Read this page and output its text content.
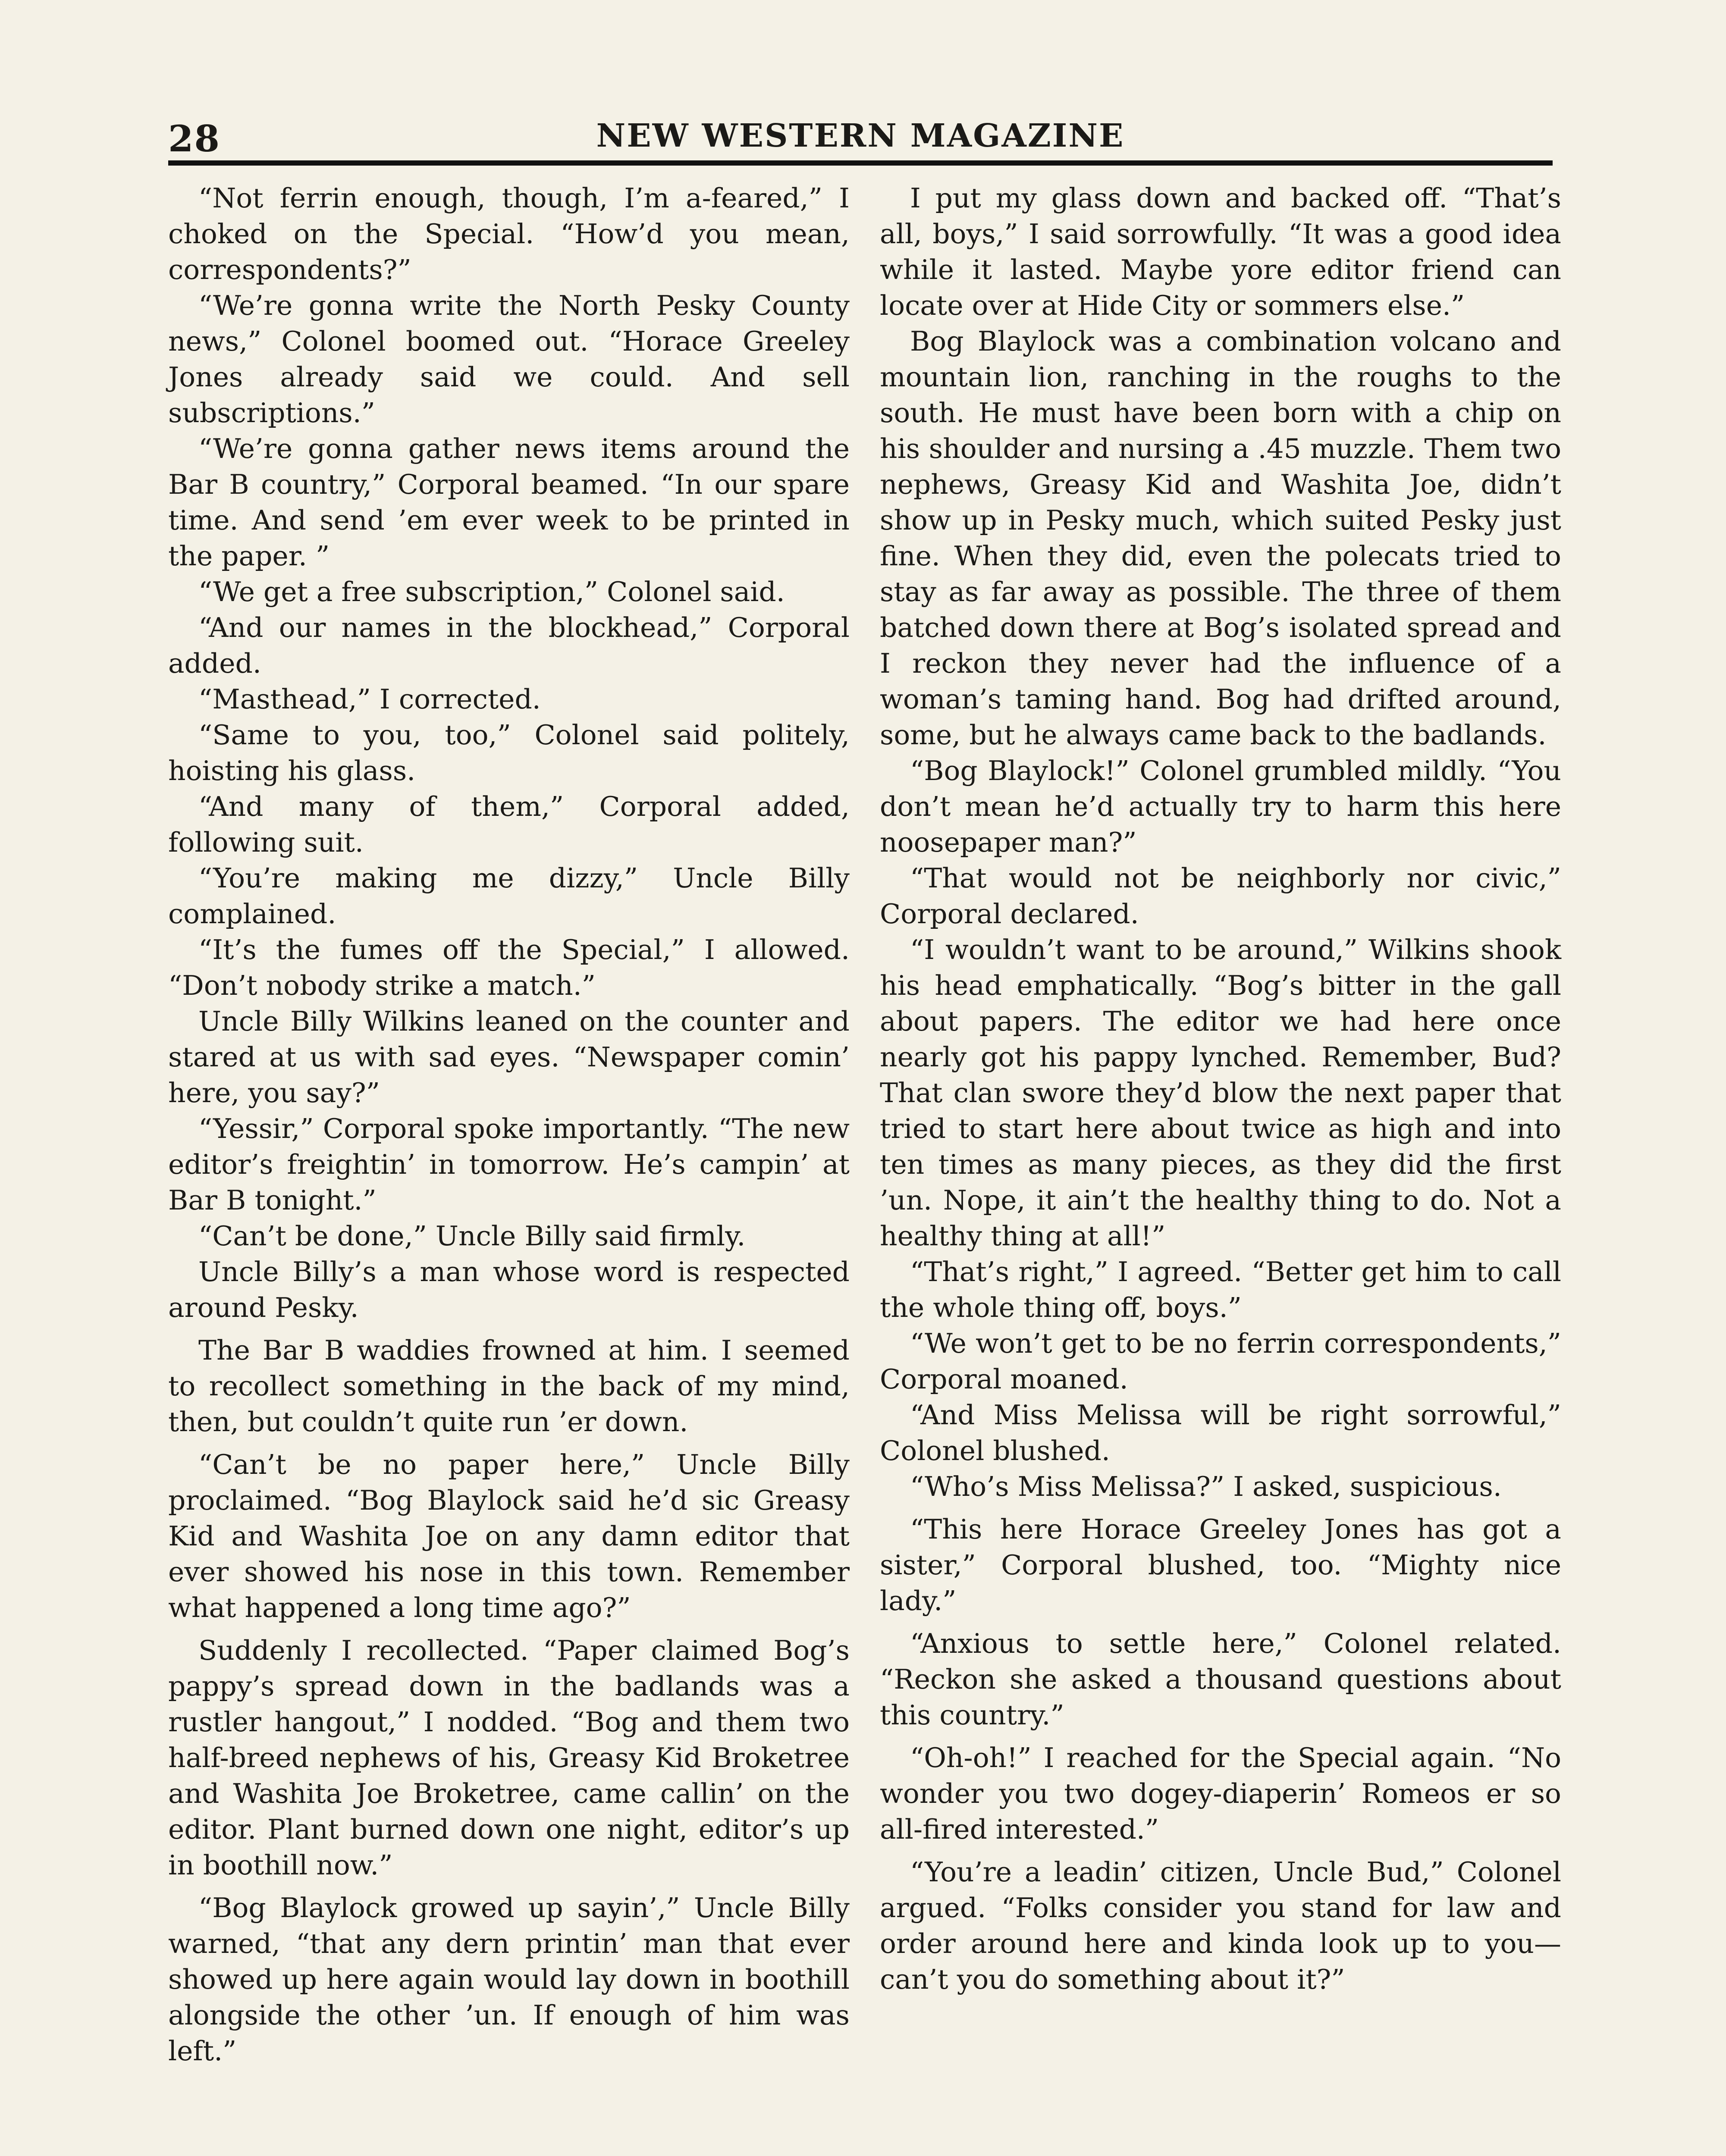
28	NEW WESTERN MAGAZINE

“Not ferrin enough, though, I’m a-feared,” I choked on the Special. “How’d you mean, correspondents?”

“We’re gonna write the North Pesky County news,” Colonel boomed out. “Horace Greeley Jones already said we could. And sell subscriptions.”

“We’re gonna gather news items around the Bar B country,” Corporal beamed. “In our spare time. And send ’em ever week to be printed in the paper. ”

“We get a free subscription,” Colonel said.

“And our names in the blockhead,” Corporal added.

“Masthead,” I corrected.

“Same to you, too,” Colonel said politely, hoisting his glass.

“And many of them,” Corporal added, following suit.

“You’re making me dizzy,” Uncle Billy complained.

“It’s the fumes off the Special,” I allowed. “Don’t nobody strike a match.”

Uncle Billy Wilkins leaned on the counter and stared at us with sad eyes. “Newspaper comin’ here, you say?”

“Yessir,” Corporal spoke importantly. “The new editor’s freightin’ in tomorrow. He’s campin’ at Bar B tonight.”

“Can’t be done,” Uncle Billy said firmly.

Uncle Billy’s a man whose word is respected around Pesky.

The Bar B waddies frowned at him. I seemed to recollect something in the back of my mind, then, but couldn’t quite run ’er down.

“Can’t be no paper here,” Uncle Billy proclaimed. “Bog Blaylock said he’d sic Greasy Kid and Washita Joe on any damn editor that ever showed his nose in this town. Remember what happened a long time ago?”

Suddenly I recollected. “Paper claimed Bog’s pappy’s spread down in the badlands was a rustler hangout,” I nodded. “Bog and them two half-breed nephews of his, Greasy Kid Broketree and Washita Joe Broketree, came callin’ on the editor. Plant burned down one night, editor’s up in boothill now.”

“Bog Blaylock growed up sayin’,” Uncle Billy warned, “that any dern printin’ man that ever showed up here again would lay down in boothill alongside the other ’un. If enough of him was left.”

I put my glass down and backed off. “That’s all, boys,” I said sorrowfully. “It was a good idea while it lasted. Maybe yore editor friend can locate over at Hide City or sommers else.”

Bog Blaylock was a combination volcano and mountain lion, ranching in the roughs to the south. He must have been born with a chip on his shoulder and nursing a .45 muzzle. Them two nephews, Greasy Kid and Washita Joe, didn’t show up in Pesky much, which suited Pesky just fine. When they did, even the polecats tried to stay as far away as possible. The three of them batched down there at Bog’s isolated spread and I reckon they never had the influence of a woman’s taming hand. Bog had drifted around, some, but he always came back to the badlands.

“Bog Blaylock!” Colonel grumbled mildly. “You don’t mean he’d actually try to harm this here noosepaper man?”

“That would not be neighborly nor civic,” Corporal declared.

“I wouldn’t want to be around,” Wilkins shook his head emphatically. “Bog’s bitter in the gall about papers. The editor we had here once nearly got his pappy lynched. Remember, Bud? That clan swore they’d blow the next paper that tried to start here about twice as high and into ten times as many pieces, as they did the first ’un. Nope, it ain’t the healthy thing to do. Not a healthy thing at all!”

“That’s right,” I agreed. “Better get him to call the whole thing off, boys.”

“We won’t get to be no ferrin correspondents,” Corporal moaned.

“And Miss Melissa will be right sorrowful,” Colonel blushed.

“Who’s Miss Melissa?” I asked, suspicious.

“This here Horace Greeley Jones has got a sister,” Corporal blushed, too. “Mighty nice lady.”

“Anxious to settle here,” Colonel related. “Reckon she asked a thousand questions about this country.”

“Oh-oh!” I reached for the Special again. “No wonder you two dogey-diaperin’ Romeos er so all-fired interested.”

“You’re a leadin’ citizen, Uncle Bud,” Colonel argued. “Folks consider you stand for law and order around here and kinda look up to you—can’t you do something about it?”
